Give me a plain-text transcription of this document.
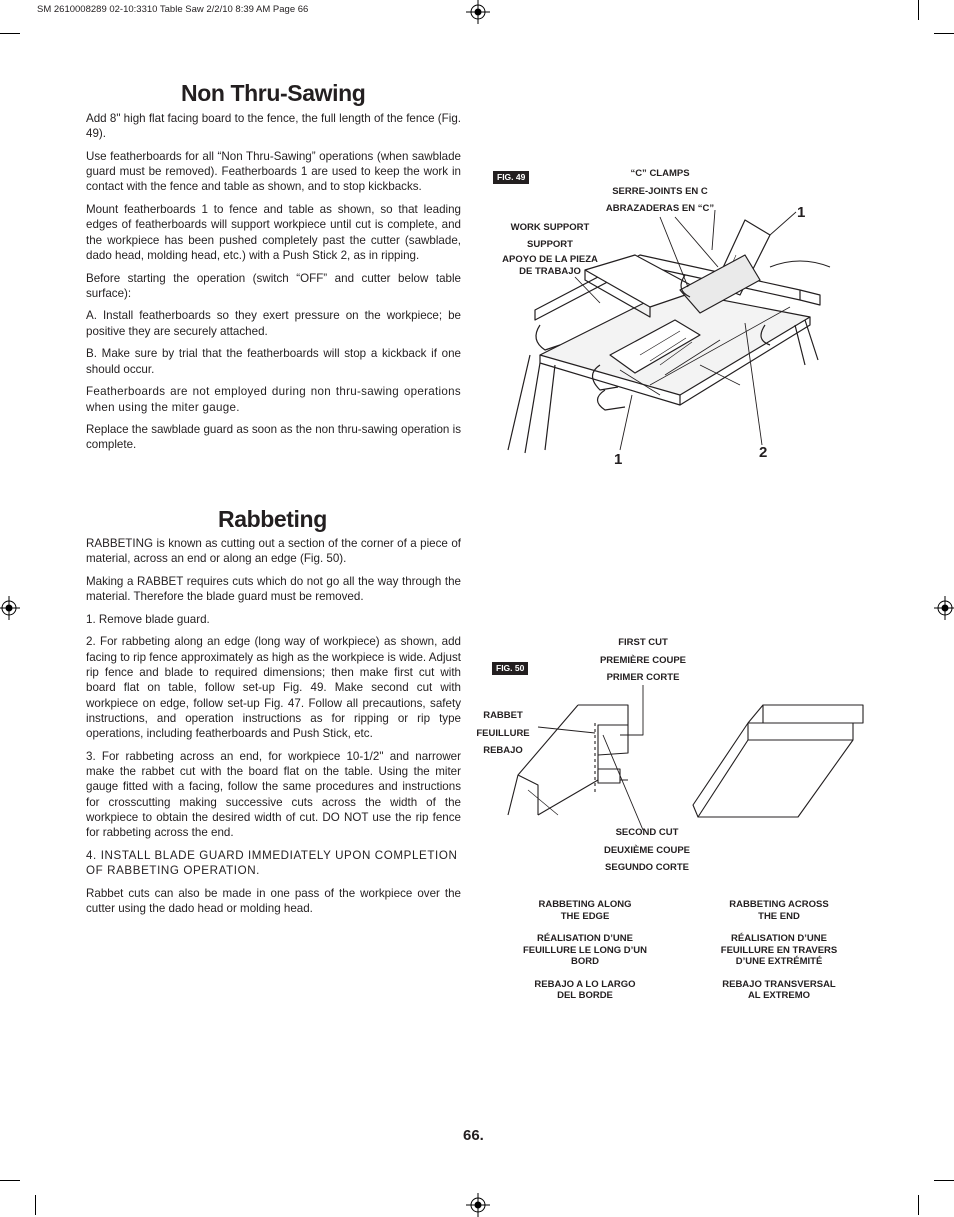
SM 2610008289 02-10:3310 Table Saw 2/2/10 8:39 AM Page 66
Non Thru-Sawing

Add 8" high flat facing board to the fence, the full length of the fence (Fig. 49).

Use featherboards for all “Non Thru-Sawing” operations (when sawblade guard must be removed). Featherboards 1 are used to keep the work in contact with the fence and table as shown, and to stop kickbacks.

Mount featherboards 1 to fence and table as shown, so that leading edges of featherboards will support workpiece until cut is complete, and the workpiece has been pushed completely past the cutter (sawblade, dado head, molding head, etc.) with a Push Stick 2, as in ripping.

Before starting the operation (switch “OFF” and cutter below table surface):

A. Install featherboards so they exert pressure on the workpiece; be positive they are securely attached.

B. Make sure by trial that the featherboards will stop a kickback if one should occur.

Featherboards are not employed during non thru-sawing operations when using the miter gauge.

Replace the sawblade guard as soon as the non thru-sawing operation is complete.

Rabbeting

RABBETING is known as cutting out a section of the corner of a piece of material, across an end or along an edge (Fig. 50).

Making a RABBET requires cuts which do not go all the way through the material. Therefore the blade guard must be removed.

1. Remove blade guard.

2. For rabbeting along an edge (long way of workpiece) as shown, add facing to rip fence approximately as high as the workpiece is wide. Adjust rip fence and blade to required dimensions; then make first cut with board flat on table, follow set-up Fig. 49. Make second cut with workpiece on edge, follow set-up Fig. 47. Follow all precautions, safety instructions, and operation instructions as for ripping or rip type operations, including featherboards and Push Stick, etc.

3. For rabbeting across an end, for workpiece 10-1/2" and narrower make the rabbet cut with the board flat on the table. Using the miter gauge fitted with a facing, follow the same procedures and instructions for crosscutting making successive cuts across the width of the workpiece to obtain the desired width of cut. DO NOT use the rip fence for rabbeting across the end.

4. INSTALL BLADE GUARD IMMEDIATELY UPON COMPLETION OF RABBETING OPERATION.

Rabbet cuts can also be made in one pass of the workpiece over the cutter using the dado head or molding head.

FIG. 49	“C” CLAMPS
SERRE-JOINTS EN C
ABRAZADERAS EN “C”
WORK SUPPORT
SUPPORT
APOYO DE LA PIEZA
DE TRABAJO
1
1	2
FIG. 50
FIRST CUT
PREMIÈRE COUPE
PRIMER CORTE
RABBET
FEUILLURE
REBAJO
SECOND CUT
DEUXIÈME COUPE
SEGUNDO CORTE
RABBETING ALONG
THE EDGE
RÉALISATION D’UNE
FEUILLURE LE LONG D’UN
BORD
REBAJO A LO LARGO
DEL BORDE
RABBETING ACROSS
THE END
RÉALISATION D’UNE
FEUILLURE EN TRAVERS
D’UNE EXTRÉMITÉ
REBAJO TRANSVERSAL
AL EXTREMO
66.
